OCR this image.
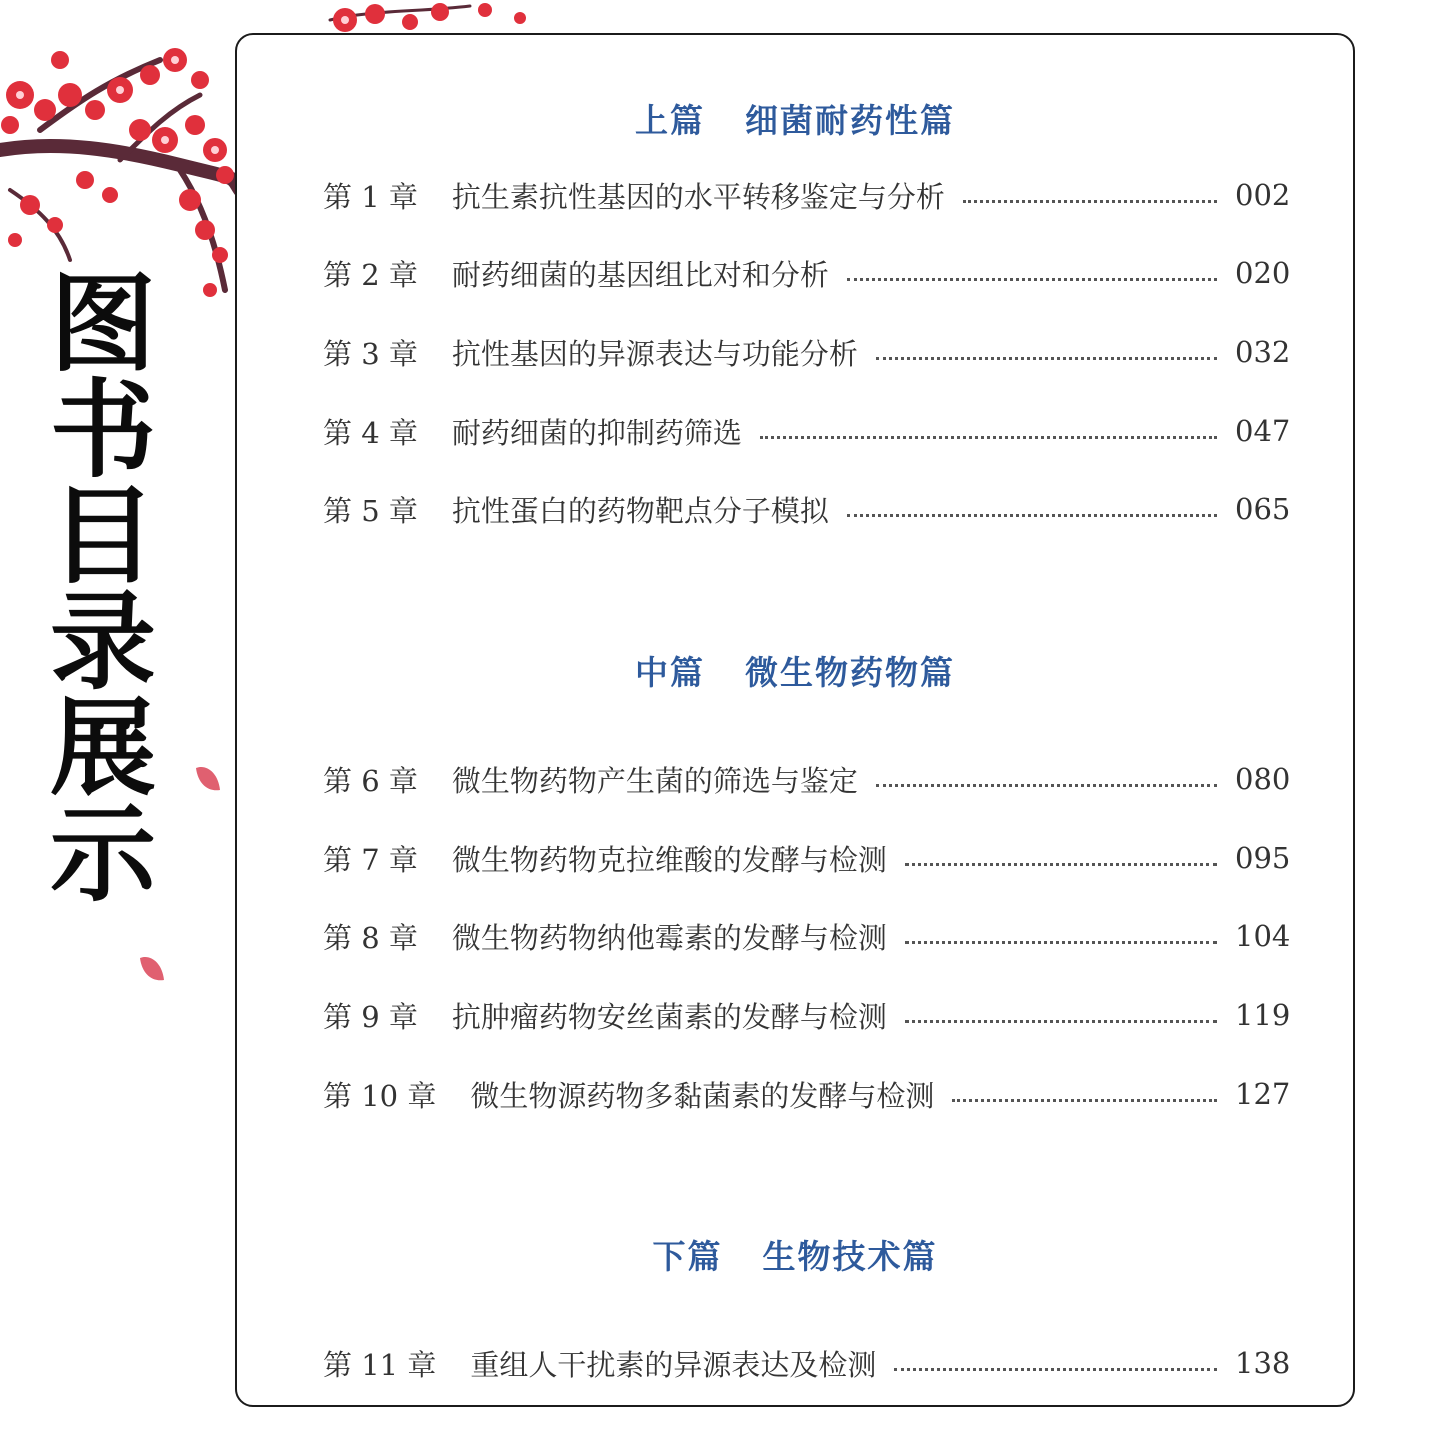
图
书
目
录
展
示
上篇 细菌耐药性篇
第 1 章 抗生素抗性基因的水平转移鉴定与分析	002
第 2 章 耐药细菌的基因组比对和分析	020
第 3 章 抗性基因的异源表达与功能分析	032
第 4 章 耐药细菌的抑制药筛选	047
第 5 章 抗性蛋白的药物靶点分子模拟	065
中篇 微生物药物篇
第 6 章 微生物药物产生菌的筛选与鉴定	080
第 7 章 微生物药物克拉维酸的发酵与检测	095
第 8 章 微生物药物纳他霉素的发酵与检测	104
第 9 章 抗肿瘤药物安丝菌素的发酵与检测	119
第 10 章 微生物源药物多黏菌素的发酵与检测	127
下篇 生物技术篇
第 11 章 重组人干扰素的异源表达及检测	138
